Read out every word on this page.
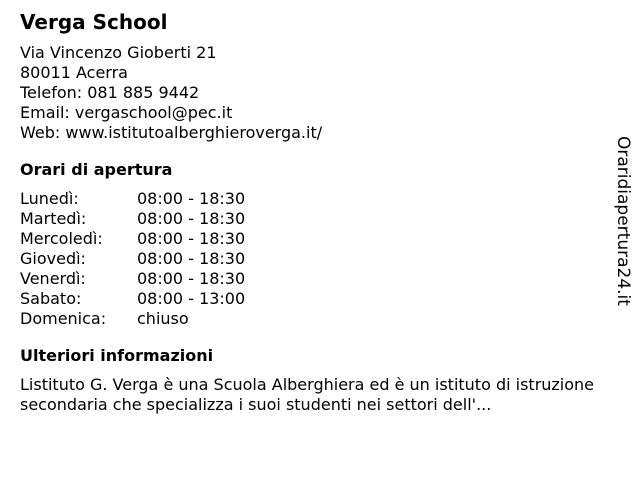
Verga School
Via Vincenzo Gioberti 21
80011 Acerra
Telefon: 081 885 9442
Email: vergaschool@pec.it
Web: www.istitutoalberghieroverga.it/
Orari di apertura
Lunedì:	08:00 - 18:30
Martedì:	08:00 - 18:30
Mercoledì:	08:00 - 18:30
Giovedì:	08:00 - 18:30
Venerdì:	08:00 - 18:30
Sabato:	08:00 - 13:00
Domenica:	chiuso
Ulteriori informazioni
Listituto G. Verga è una Scuola Alberghiera ed è un istituto di istruzione secondaria che specializza i suoi studenti nei settori dell'...
Oraridiapertura24.it
